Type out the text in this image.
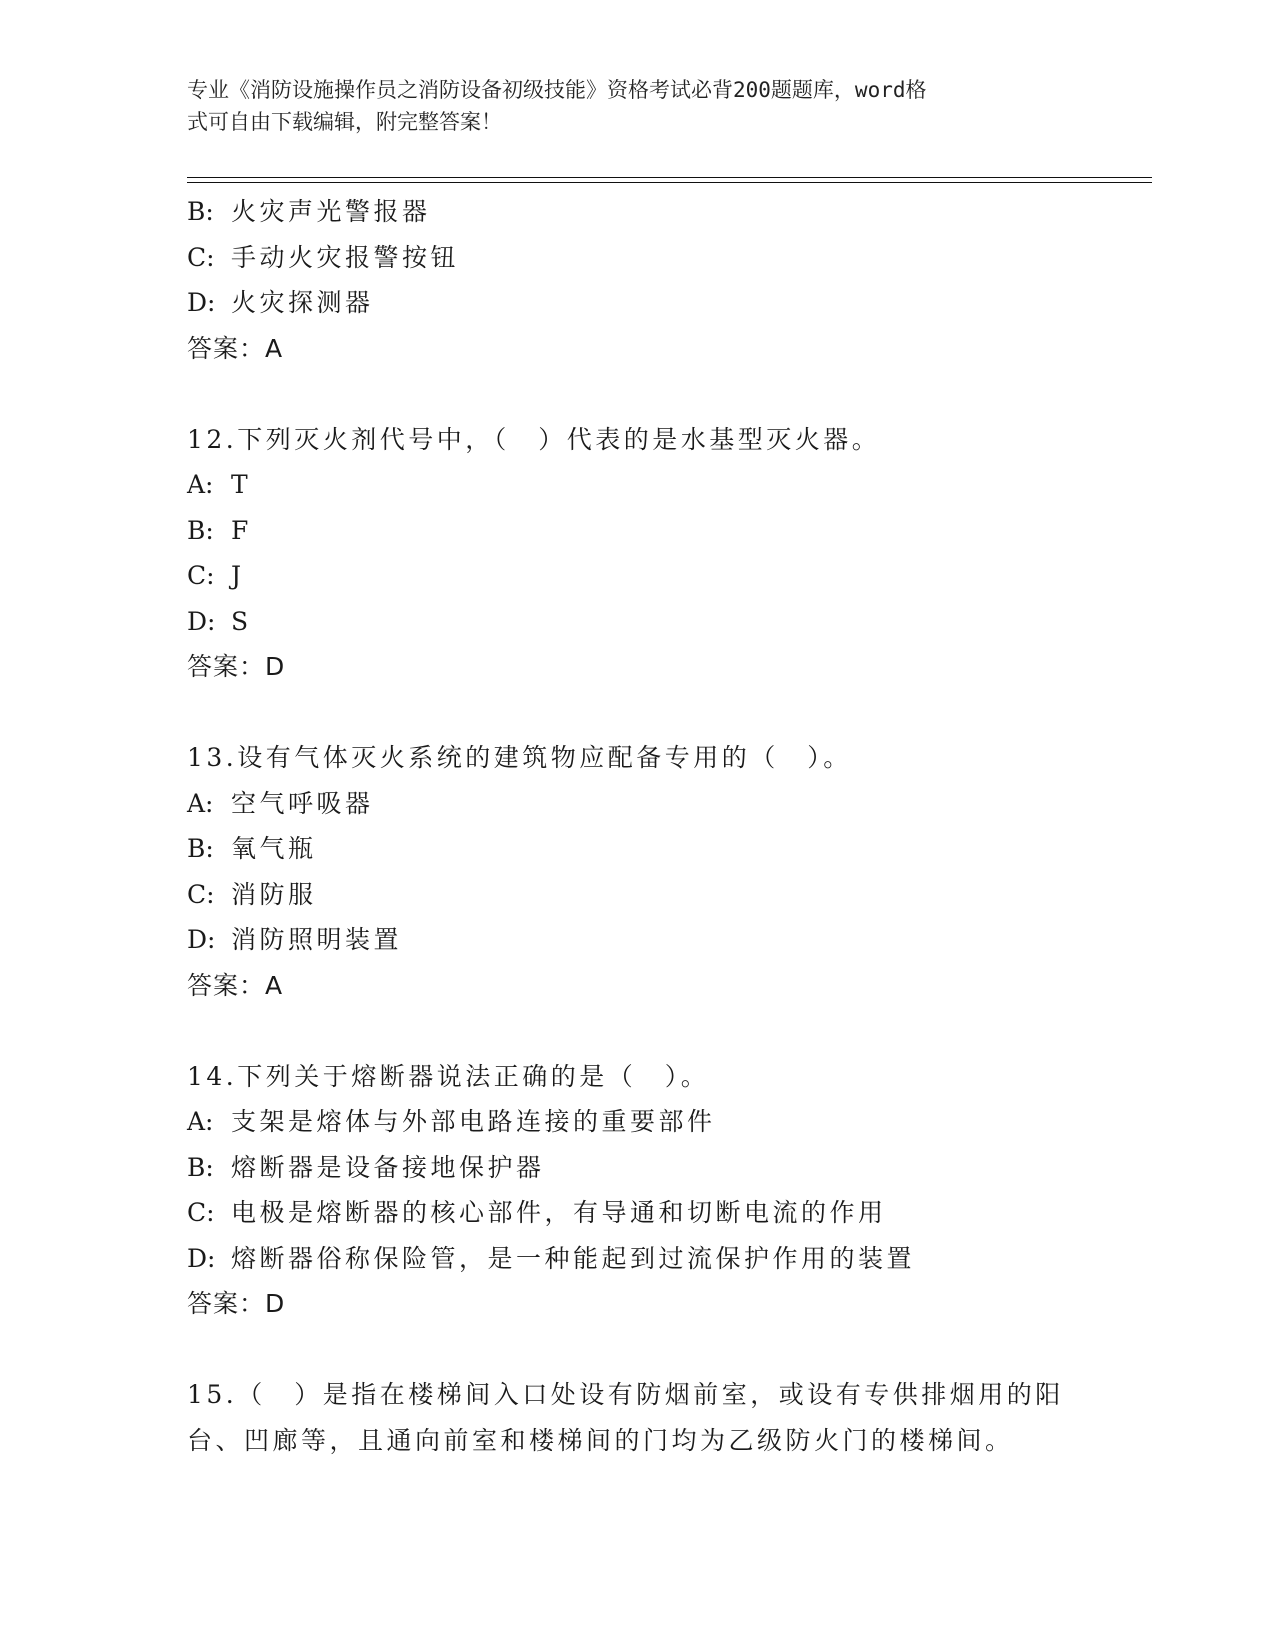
专业《消防设施操作员之消防设备初级技能》资格考试必背200题题库，word格
式可自由下载编辑，附完整答案！
B: 火灾声光警报器
C: 手动火灾报警按钮
D: 火灾探测器
答案：A
12.下列灭火剂代号中，（　）代表的是水基型灭火器。
A: T
B: F
C: J
D: S
答案：D
13.设有气体灭火系统的建筑物应配备专用的（　）。
A: 空气呼吸器
B: 氧气瓶
C: 消防服
D: 消防照明装置
答案：A
14.下列关于熔断器说法正确的是（　）。
A: 支架是熔体与外部电路连接的重要部件
B: 熔断器是设备接地保护器
C: 电极是熔断器的核心部件，有导通和切断电流的作用
D: 熔断器俗称保险管，是一种能起到过流保护作用的装置
答案：D
15.（　）是指在楼梯间入口处设有防烟前室，或设有专供排烟用的阳
台、凹廊等，且通向前室和楼梯间的门均为乙级防火门的楼梯间。
